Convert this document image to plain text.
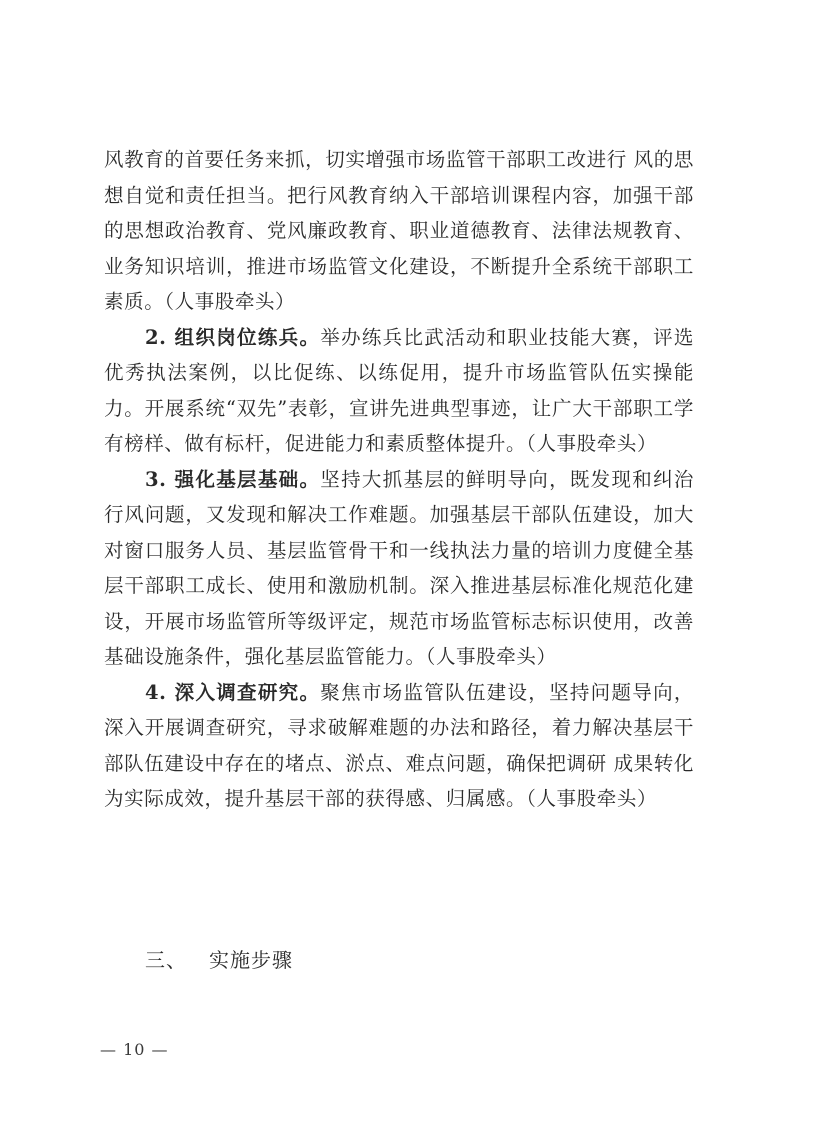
风教育的首要任务来抓，切实增强市场监管干部职工改进行 风的思想自觉和责任担当。把行风教育纳入干部培训课程内容，加强干部的思想政治教育、党风廉政教育、职业道德教育、法律法规教育、业务知识培训，推进市场监管文化建设，不断提升全系统干部职工素质。（人事股牵头）

2. 组织岗位练兵。举办练兵比武活动和职业技能大赛，评选优秀执法案例，以比促练、以练促用，提升市场监管队伍实操能力。开展系统“双先”表彰，宣讲先进典型事迹，让广大干部职工学有榜样、做有标杆，促进能力和素质整体提升。（人事股牵头）

3. 强化基层基础。坚持大抓基层的鲜明导向，既发现和纠治行风问题，又发现和解决工作难题。加强基层干部队伍建设，加大对窗口服务人员、基层监管骨干和一线执法力量的培训力度健全基层干部职工成长、使用和激励机制。深入推进基层标准化规范化建设，开展市场监管所等级评定，规范市场监管标志标识使用，改善基础设施条件，强化基层监管能力。（人事股牵头）

4. 深入调查研究。聚焦市场监管队伍建设，坚持问题导向，深入开展调查研究，寻求破解难题的办法和路径，着力解决基层干部队伍建设中存在的堵点、淤点、难点问题，确保把调研 成果转化为实际成效，提升基层干部的获得感、归属感。（人事股牵头）

三、 实施步骤
— 10 —
